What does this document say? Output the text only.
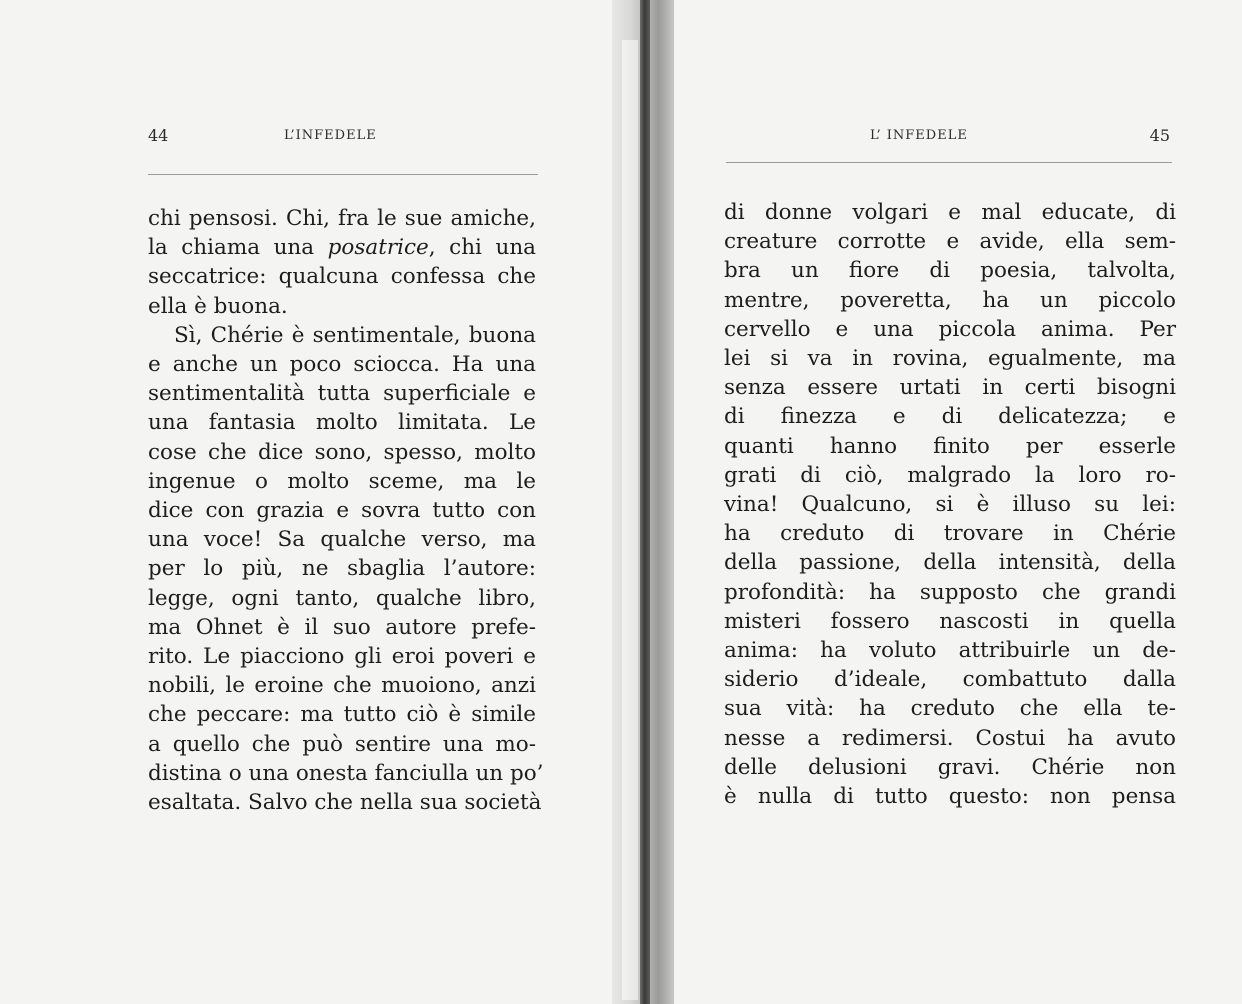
44	L’INFEDELE
chi pensosi. Chi, fra le sue amiche,
la chiama una posatrice, chi una
seccatrice: qualcuna confessa che
ella è buona.
Sì, Chérie è sentimentale, buona
e anche un poco sciocca. Ha una
sentimentalità tutta superficiale e
una fantasia molto limitata. Le
cose che dice sono, spesso, molto
ingenue o molto sceme, ma le
dice con grazia e sovra tutto con
una voce! Sa qualche verso, ma
per lo più, ne sbaglia l’autore:
legge, ogni tanto, qualche libro,
ma Ohnet è il suo autore prefe-
rito. Le piacciono gli eroi poveri e
nobili, le eroine che muoiono, anzi
che peccare: ma tutto ciò è simile
a quello che può sentire una mo-
distina o una onesta fanciulla un po’
esaltata. Salvo che nella sua società
L’ INFEDELE	45
di donne volgari e mal educate, di
creature corrotte e avide, ella sem-
bra un fiore di poesia, talvolta,
mentre, poveretta, ha un piccolo
cervello e una piccola anima. Per
lei si va in rovina, egualmente, ma
senza essere urtati in certi bisogni
di finezza e di delicatezza; e
quanti hanno finito per esserle
grati di ciò, malgrado la loro ro-
vina! Qualcuno, si è illuso su lei:
ha creduto di trovare in Chérie
della passione, della intensità, della
profondità: ha supposto che grandi
misteri fossero nascosti in quella
anima: ha voluto attribuirle un de-
siderio d’ideale, combattuto dalla
sua vità: ha creduto che ella te-
nesse a redimersi. Costui ha avuto
delle delusioni gravi. Chérie non
è nulla di tutto questo: non pensa
